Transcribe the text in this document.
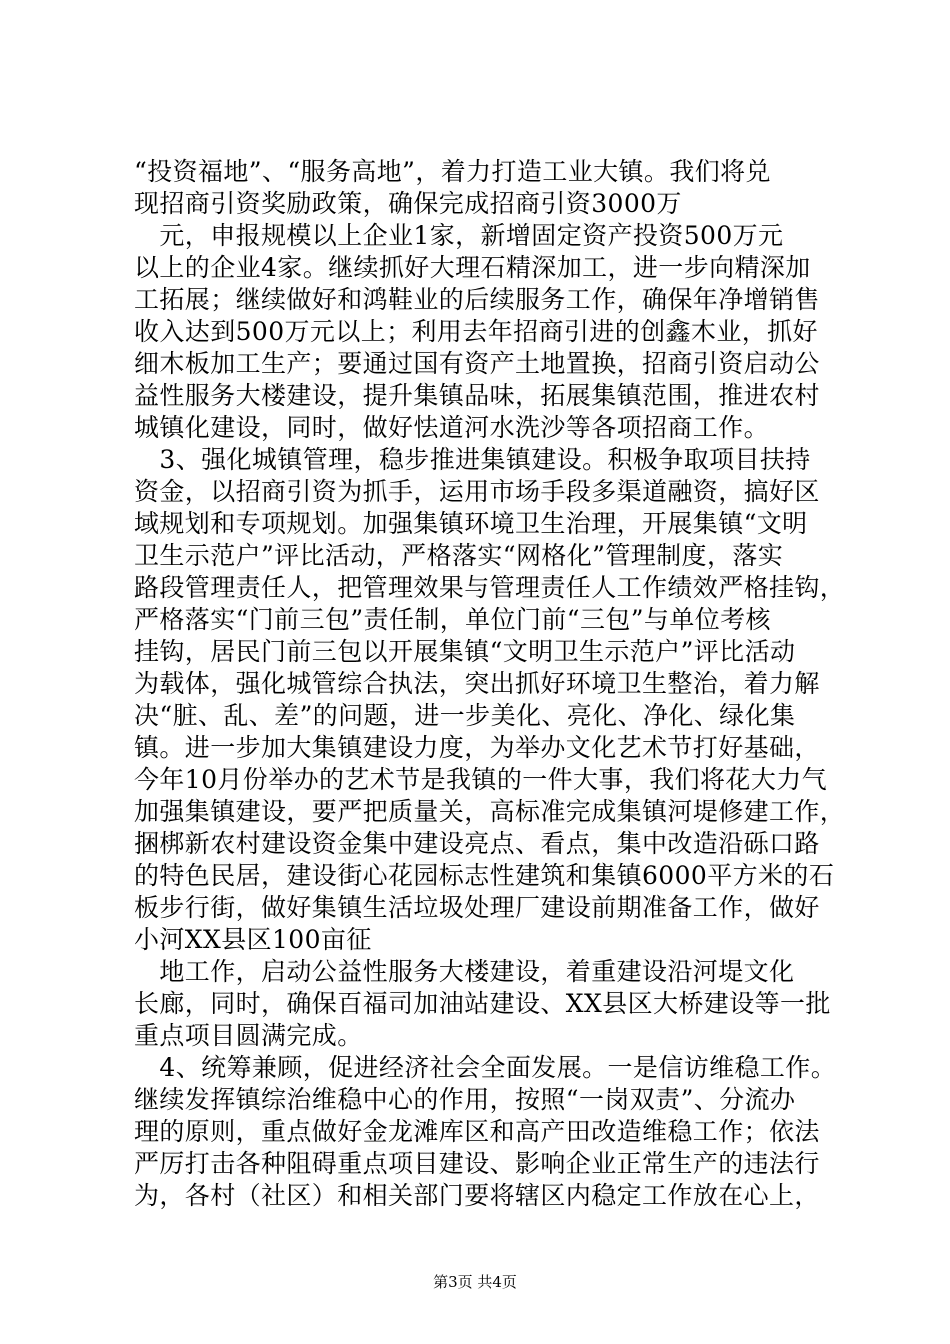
“投资福地”、“服务高地”，着力打造工业大镇。我们将兑
现招商引资奖励政策，确保完成招商引资3000万
　元，申报规模以上企业1家，新增固定资产投资500万元
以上的企业4家。继续抓好大理石精深加工，进一步向精深加
工拓展；继续做好和鸿鞋业的后续服务工作，确保年净增销售
收入达到500万元以上；利用去年招商引进的创鑫木业，抓好
细木板加工生产；要通过国有资产土地置换，招商引资启动公
益性服务大楼建设，提升集镇品味，拓展集镇范围，推进农村
城镇化建设，同时，做好怯道河水洗沙等各项招商工作。
　3、强化城镇管理，稳步推进集镇建设。积极争取项目扶持
资金，以招商引资为抓手，运用市场手段多渠道融资，搞好区
域规划和专项规划。加强集镇环境卫生治理，开展集镇“文明
卫生示范户”评比活动，严格落实“网格化”管理制度，落实
路段管理责任人，把管理效果与管理责任人工作绩效严格挂钩，
严格落实“门前三包”责任制，单位门前“三包”与单位考核
挂钩，居民门前三包以开展集镇“文明卫生示范户”评比活动
为载体，强化城管综合执法，突出抓好环境卫生整治，着力解
决“脏、乱、差”的问题，进一步美化、亮化、净化、绿化集
镇。进一步加大集镇建设力度，为举办文化艺术节打好基础，
今年10月份举办的艺术节是我镇的一件大事，我们将花大力气
加强集镇建设，要严把质量关，高标准完成集镇河堤修建工作，
捆梆新农村建设资金集中建设亮点、看点，集中改造沿砾口路
的特色民居，建设街心花园标志性建筑和集镇6000平方米的石
板步行街，做好集镇生活垃圾处理厂建设前期准备工作，做好
小河XX县区100亩征
　地工作，启动公益性服务大楼建设，着重建设沿河堤文化
长廊，同时，确保百福司加油站建设、XX县区大桥建设等一批
重点项目圆满完成。
　4、统筹兼顾，促进经济社会全面发展。一是信访维稳工作。
继续发挥镇综治维稳中心的作用，按照“一岗双责”、分流办
理的原则，重点做好金龙滩库区和高产田改造维稳工作；依法
严厉打击各种阻碍重点项目建设、影响企业正常生产的违法行
为，各村（社区）和相关部门要将辖区内稳定工作放在心上，
第3页 共4页
